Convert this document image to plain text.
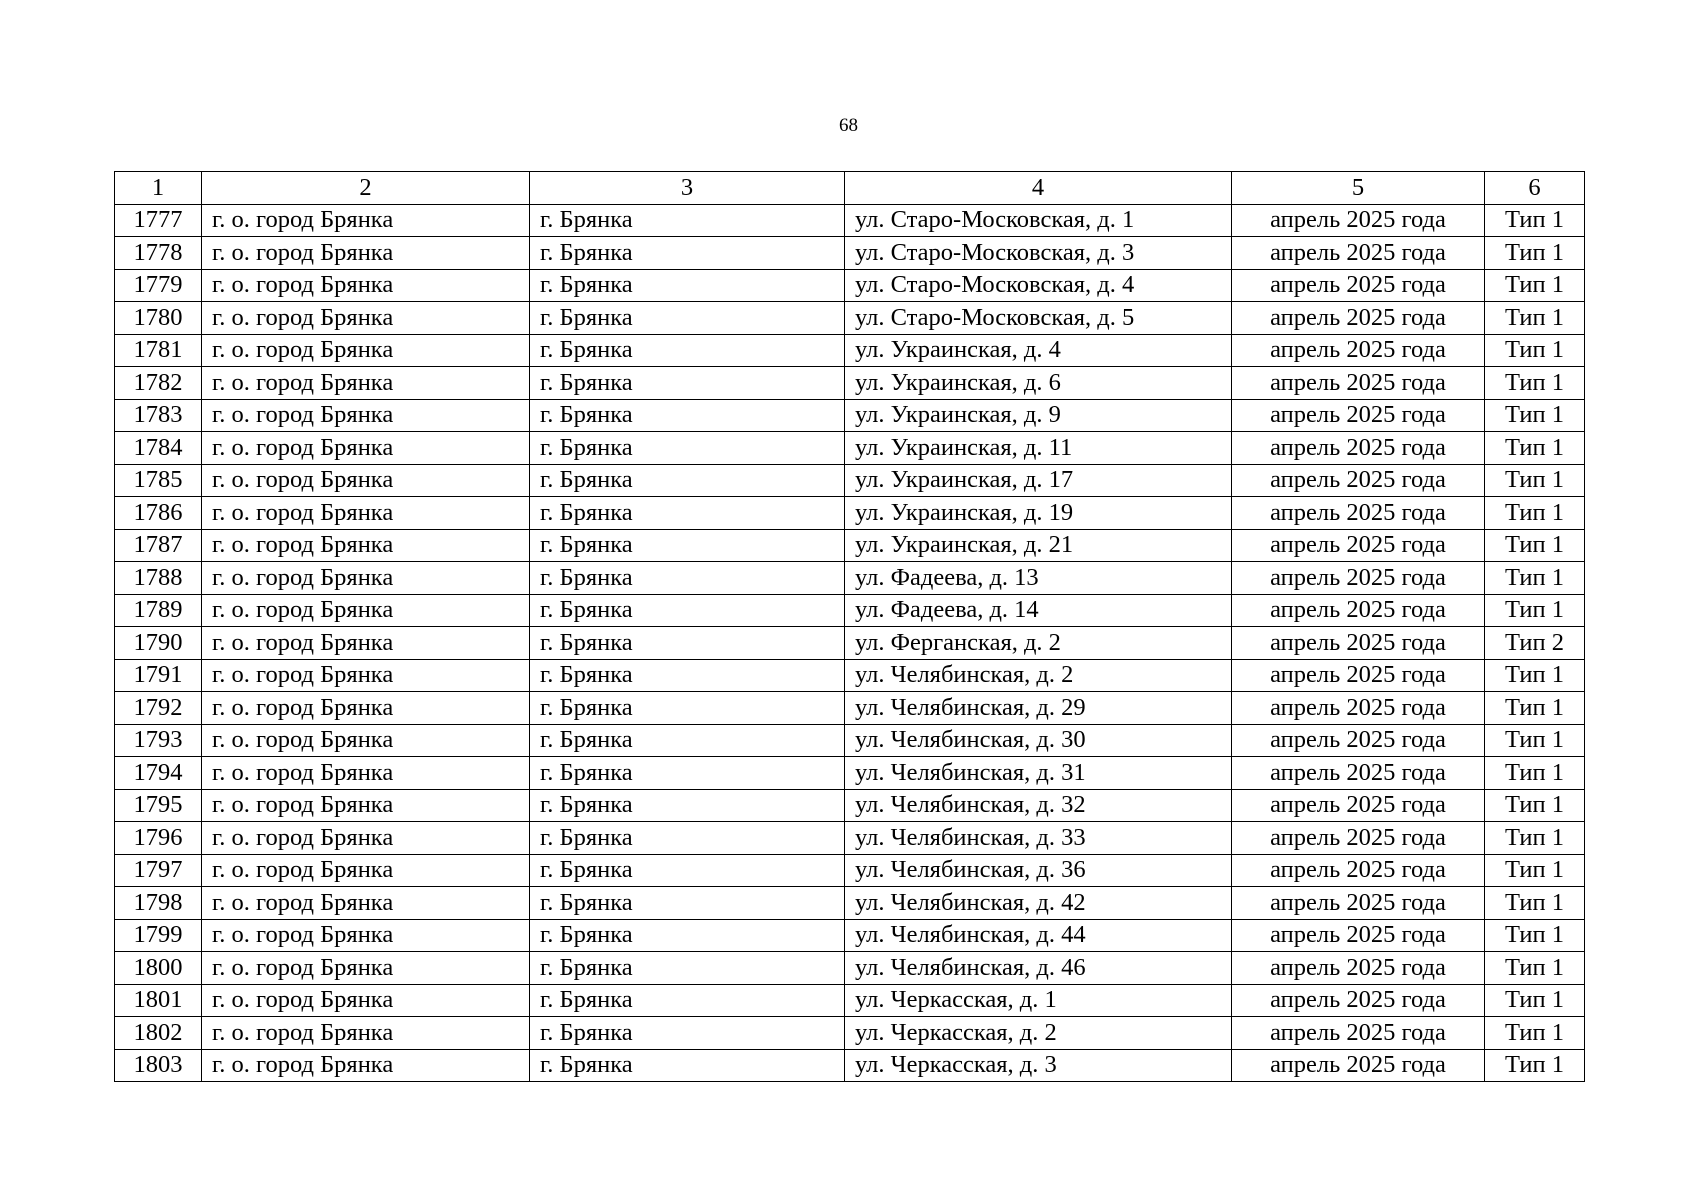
68
1	2	3	4	5	6
1777	г. о. город Брянка	г. Брянка	ул. Старо-Московская, д. 1	апрель 2025 года	Тип 1
1778	г. о. город Брянка	г. Брянка	ул. Старо-Московская, д. 3	апрель 2025 года	Тип 1
1779	г. о. город Брянка	г. Брянка	ул. Старо-Московская, д. 4	апрель 2025 года	Тип 1
1780	г. о. город Брянка	г. Брянка	ул. Старо-Московская, д. 5	апрель 2025 года	Тип 1
1781	г. о. город Брянка	г. Брянка	ул. Украинская, д. 4	апрель 2025 года	Тип 1
1782	г. о. город Брянка	г. Брянка	ул. Украинская, д. 6	апрель 2025 года	Тип 1
1783	г. о. город Брянка	г. Брянка	ул. Украинская, д. 9	апрель 2025 года	Тип 1
1784	г. о. город Брянка	г. Брянка	ул. Украинская, д. 11	апрель 2025 года	Тип 1
1785	г. о. город Брянка	г. Брянка	ул. Украинская, д. 17	апрель 2025 года	Тип 1
1786	г. о. город Брянка	г. Брянка	ул. Украинская, д. 19	апрель 2025 года	Тип 1
1787	г. о. город Брянка	г. Брянка	ул. Украинская, д. 21	апрель 2025 года	Тип 1
1788	г. о. город Брянка	г. Брянка	ул. Фадеева, д. 13	апрель 2025 года	Тип 1
1789	г. о. город Брянка	г. Брянка	ул. Фадеева, д. 14	апрель 2025 года	Тип 1
1790	г. о. город Брянка	г. Брянка	ул. Ферганская, д. 2	апрель 2025 года	Тип 2
1791	г. о. город Брянка	г. Брянка	ул. Челябинская, д. 2	апрель 2025 года	Тип 1
1792	г. о. город Брянка	г. Брянка	ул. Челябинская, д. 29	апрель 2025 года	Тип 1
1793	г. о. город Брянка	г. Брянка	ул. Челябинская, д. 30	апрель 2025 года	Тип 1
1794	г. о. город Брянка	г. Брянка	ул. Челябинская, д. 31	апрель 2025 года	Тип 1
1795	г. о. город Брянка	г. Брянка	ул. Челябинская, д. 32	апрель 2025 года	Тип 1
1796	г. о. город Брянка	г. Брянка	ул. Челябинская, д. 33	апрель 2025 года	Тип 1
1797	г. о. город Брянка	г. Брянка	ул. Челябинская, д. 36	апрель 2025 года	Тип 1
1798	г. о. город Брянка	г. Брянка	ул. Челябинская, д. 42	апрель 2025 года	Тип 1
1799	г. о. город Брянка	г. Брянка	ул. Челябинская, д. 44	апрель 2025 года	Тип 1
1800	г. о. город Брянка	г. Брянка	ул. Челябинская, д. 46	апрель 2025 года	Тип 1
1801	г. о. город Брянка	г. Брянка	ул. Черкасская, д. 1	апрель 2025 года	Тип 1
1802	г. о. город Брянка	г. Брянка	ул. Черкасская, д. 2	апрель 2025 года	Тип 1
1803	г. о. город Брянка	г. Брянка	ул. Черкасская, д. 3	апрель 2025 года	Тип 1
